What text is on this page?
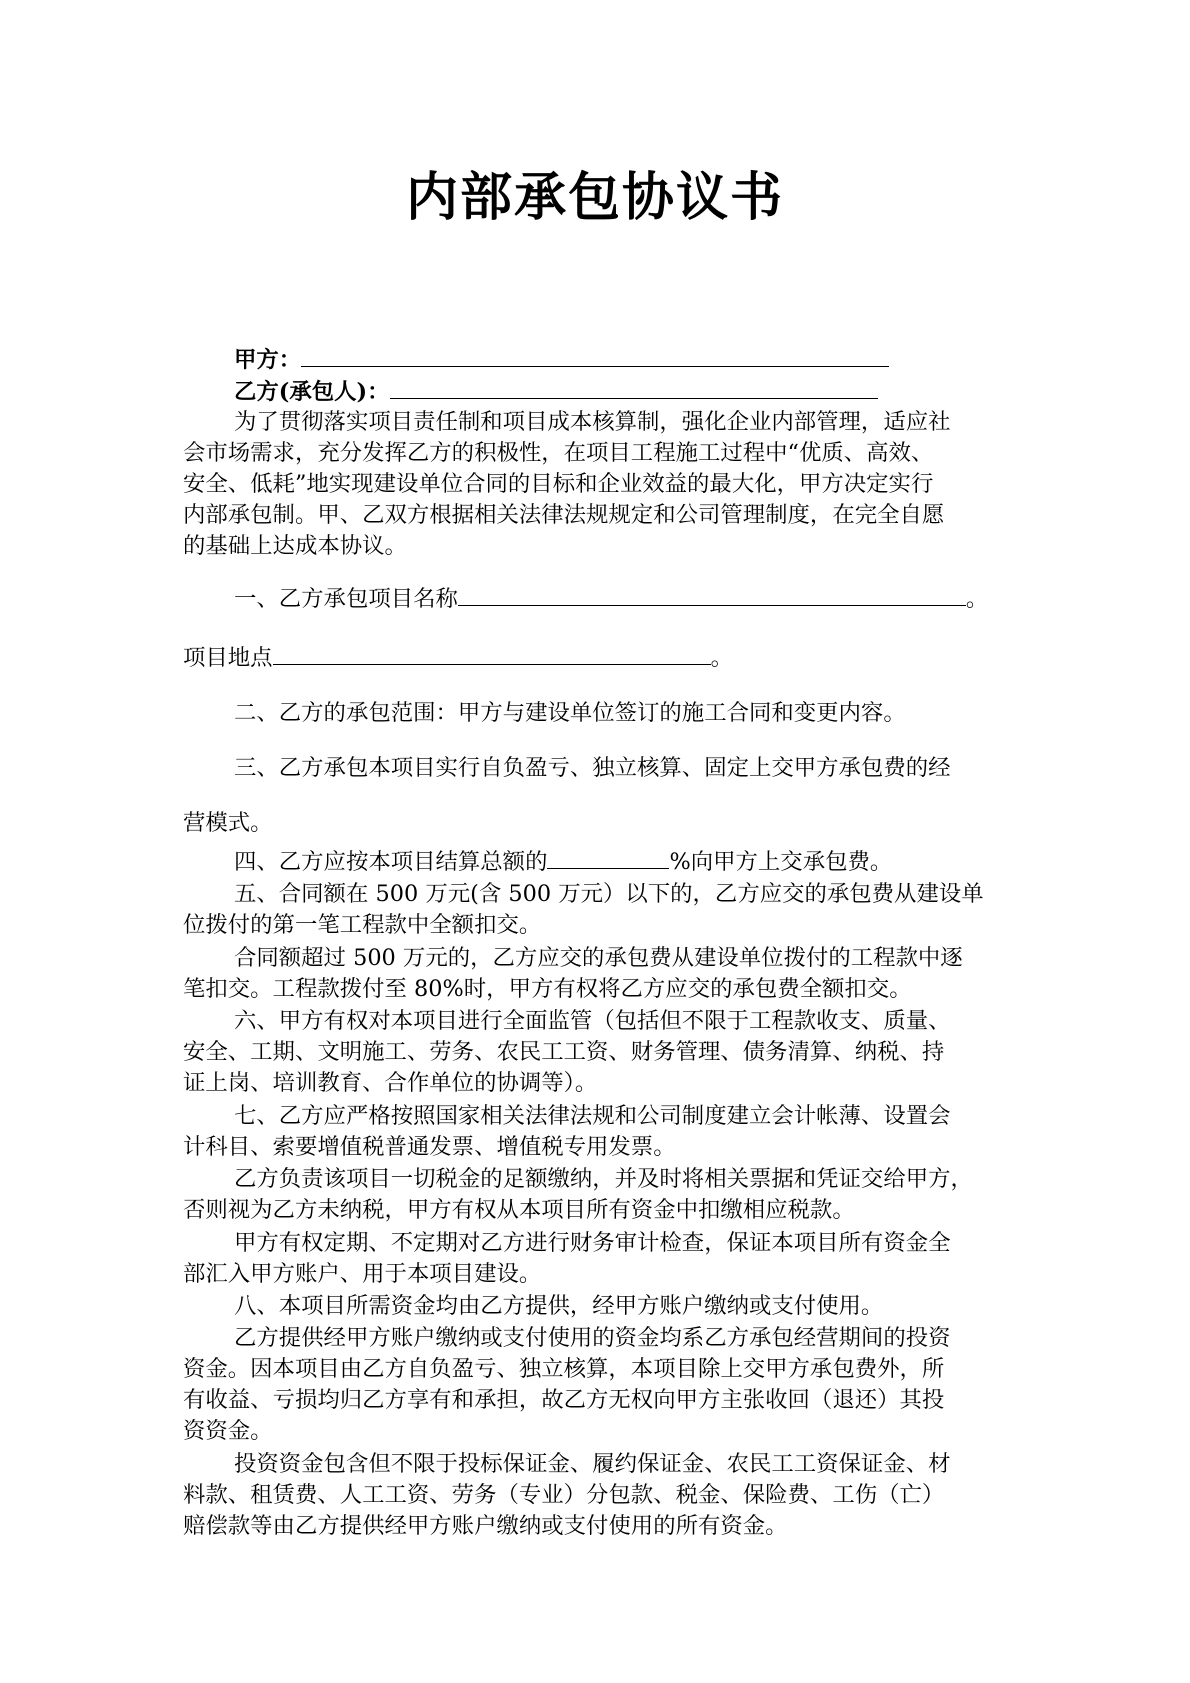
内部承包协议书
甲方：
乙方(承包人)：
为了贯彻落实项目责任制和项目成本核算制，强化企业内部管理，适应社
会市场需求，充分发挥乙方的积极性，在项目工程施工过程中“优质、高效、
安全、低耗”地实现建设单位合同的目标和企业效益的最大化，甲方决定实行
内部承包制。甲、乙双方根据相关法律法规规定和公司管理制度，在完全自愿
的基础上达成本协议。
一、乙方承包项目名称	。
项目地点	。
二、乙方的承包范围：甲方与建设单位签订的施工合同和变更内容。
三、乙方承包本项目实行自负盈亏、独立核算、固定上交甲方承包费的经
营模式。
四、乙方应按本项目结算总额的	%向甲方上交承包费。
五、合同额在 500 万元(含 500 万元）以下的，乙方应交的承包费从建设单
位拨付的第一笔工程款中全额扣交。
合同额超过 500 万元的，乙方应交的承包费从建设单位拨付的工程款中逐
笔扣交。工程款拨付至 80%时，甲方有权将乙方应交的承包费全额扣交。
六、甲方有权对本项目进行全面监管（包括但不限于工程款收支、质量、
安全、工期、文明施工、劳务、农民工工资、财务管理、债务清算、纳税、持
证上岗、培训教育、合作单位的协调等）。
七、乙方应严格按照国家相关法律法规和公司制度建立会计帐薄、设置会
计科目、索要增值税普通发票、增值税专用发票。
乙方负责该项目一切税金的足额缴纳，并及时将相关票据和凭证交给甲方，
否则视为乙方未纳税，甲方有权从本项目所有资金中扣缴相应税款。
甲方有权定期、不定期对乙方进行财务审计检查，保证本项目所有资金全
部汇入甲方账户、用于本项目建设。
八、本项目所需资金均由乙方提供，经甲方账户缴纳或支付使用。
乙方提供经甲方账户缴纳或支付使用的资金均系乙方承包经营期间的投资
资金。因本项目由乙方自负盈亏、独立核算，本项目除上交甲方承包费外，所
有收益、亏损均归乙方享有和承担，故乙方无权向甲方主张收回（退还）其投
资资金。
投资资金包含但不限于投标保证金、履约保证金、农民工工资保证金、材
料款、租赁费、人工工资、劳务（专业）分包款、税金、保险费、工伤（亡）
赔偿款等由乙方提供经甲方账户缴纳或支付使用的所有资金。
